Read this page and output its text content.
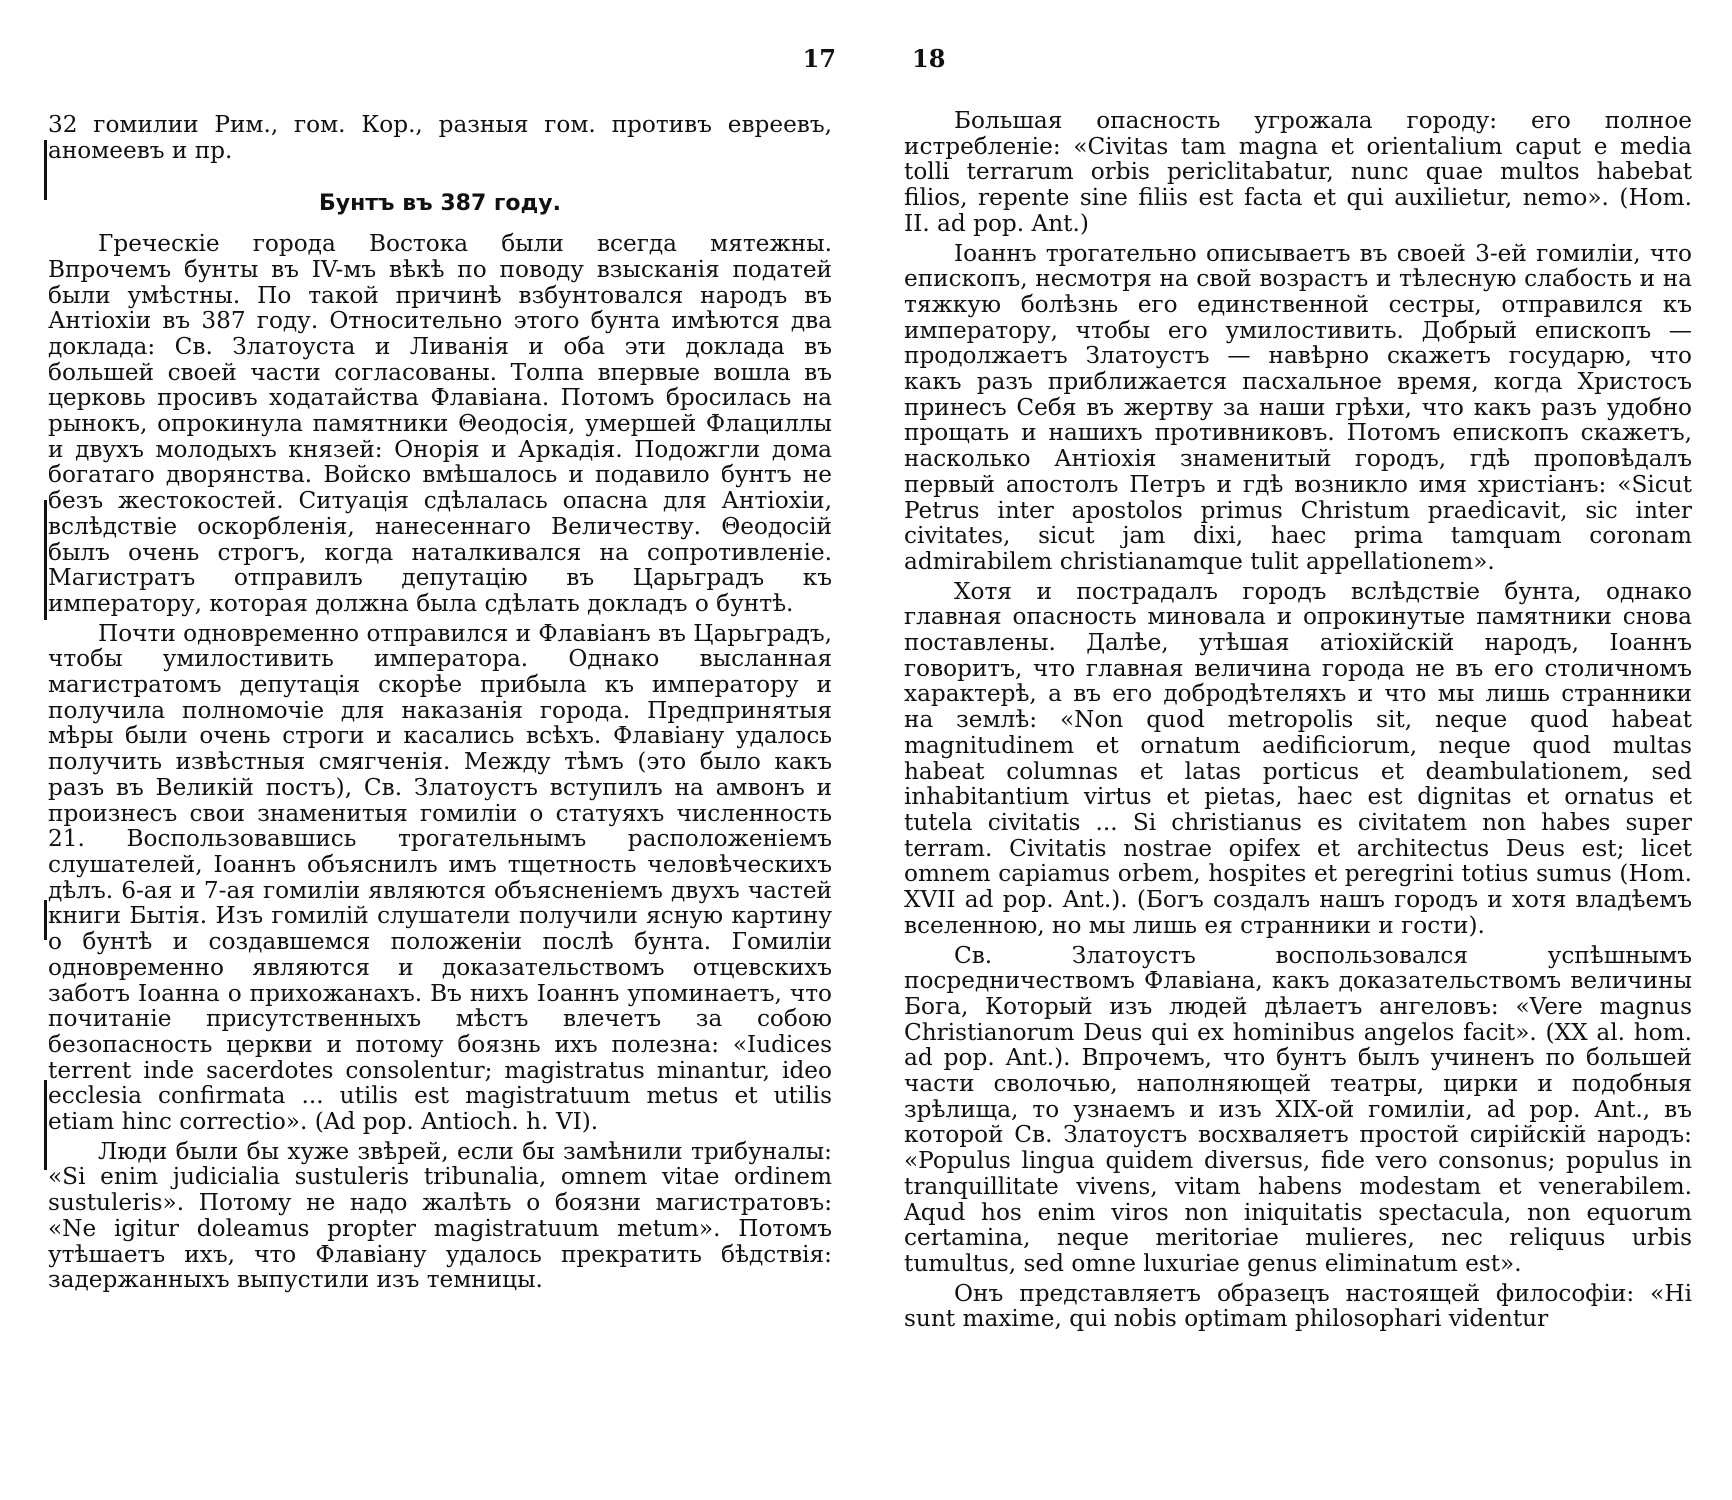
17

32 гомилии Рим., гом. Кор., разныя гом. противъ евреевъ, аномеевъ и пр.

Бунтъ въ 387 году.

Греческіе города Востока были всегда мятежны. Впрочемъ бунты въ IV-мъ вѣкѣ по поводу взысканія податей были умѣстны. По такой причинѣ взбунтовался народъ въ Антіохіи въ 387 году. Относительно этого бунта имѣются два доклада: Св. Златоуста и Ливанія и оба эти доклада въ большей своей части согласованы. Толпа впервые вошла въ церковь просивъ ходатайства Флавіана. Потомъ бросилась на рынокъ, опрокинула памятники Θеодосія, умершей Флациллы и двухъ молодыхъ князей: Онорія и Аркадія. Подожгли дома богатаго дворянства. Войско вмѣшалось и подавило бунтъ не безъ жестокостей. Ситуація сдѣлалась опасна для Антіохіи, вслѣдствіе оскорбленія, нанесеннаго Величеству. Θеодосій былъ очень строгъ, когда наталкивался на сопротивленіе. Магистратъ отправилъ депутацію въ Царьградъ къ императору, которая должна была сдѣлать докладъ о бунтѣ.

Почти одновременно отправился и Флавіанъ въ Царьградъ, чтобы умилостивить императора. Однако высланная магистратомъ депутація скорѣе прибыла къ императору и получила полномочіе для наказанія города. Предпринятыя мѣры были очень строги и касались всѣхъ. Флавіану удалось получить извѣстныя смягченія. Между тѣмъ (это было какъ разъ въ Великій постъ), Св. Златоустъ вступилъ на амвонъ и произнесъ свои знаменитыя гомиліи о статуяхъ численность 21. Воспользовавшись трогательнымъ расположеніемъ слушателей, Іоаннъ объяснилъ имъ тщетность человѣческихъ дѣлъ. 6-ая и 7-ая гомиліи являются объясненіемъ двухъ частей книги Бытія. Изъ гомилій слушатели получили ясную картину о бунтѣ и создавшемся положеніи послѣ бунта. Гомиліи одновременно являются и доказательствомъ отцевскихъ заботъ Іоанна о прихожанахъ. Въ нихъ Іоаннъ упоминаетъ, что почитаніе присутственныхъ мѣстъ влечетъ за собою безопасность церкви и потому боязнь ихъ полезна: «Iudices terrent inde sacerdotes consolentur; magistratus minantur, ideo ecclesia confirmata ... utilis est magistratuum metus et utilis etiam hinc correctio». (Ad pop. Antioch. h. VI).

Люди были бы хуже звѣрей, если бы замѣнили трибуналы: «Si enim judicialia sustuleris tribunalia, omnem vitae ordinem sustuleris». Потому не надо жалѣть о боязни магистратовъ: «Ne igitur doleamus propter magistratuum metum». Потомъ утѣшаетъ ихъ, что Флавіану удалось прекратить бѣдствія: задержанныхъ выпустили изъ темницы.

18

Большая опасность угрожала городу: его полное истребленіе: «Civitas tam magna et orientalium caput e media tolli terrarum orbis periclitabatur, nunc quae multos habebat filios, repente sine filiis est facta et qui auxilietur, nemo». (Hom. II. ad pop. Ant.)

Іоаннъ трогательно описываетъ въ своей 3-ей гомиліи, что епископъ, несмотря на свой возрастъ и тѣлесную слабость и на тяжкую болѣзнь его единственной сестры, отправился къ императору, чтобы его умилостивить. Добрый епископъ — продолжаетъ Златоустъ — навѣрно скажетъ государю, что какъ разъ приближается пасхальное время, когда Христосъ принесъ Себя въ жертву за наши грѣхи, что какъ разъ удобно прощать и нашихъ противниковъ. Потомъ епископъ скажетъ, насколько Антіохія знаменитый городъ, гдѣ проповѣдалъ первый апостолъ Петръ и гдѣ возникло имя христіанъ: «Sicut Petrus inter apostolos primus Christum praedicavit, sic inter civitates, sicut jam dixi, haec prima tamquam coronam admirabilem christianamque tulit appellationem».

Хотя и пострадалъ городъ вслѣдствіе бунта, однако главная опасность миновала и опрокинутые памятники снова поставлены. Далѣе, утѣшая атіохійскій народъ, Іоаннъ говоритъ, что главная величина города не въ его столичномъ характерѣ, а въ его добродѣтеляхъ и что мы лишь странники на землѣ: «Non quod metropolis sit, neque quod habeat magnitudinem et ornatum aedificiorum, neque quod multas habeat columnas et latas porticus et deambulationem, sed inhabitantium virtus et pietas, haec est dignitas et ornatus et tutela civitatis ... Si christianus es civitatem non habes super terram. Civitatis nostrae opifex et architectus Deus est; licet omnem capiamus orbem, hospites et peregrini totius sumus (Hom. XVII ad pop. Ant.). (Богъ создалъ нашъ городъ и хотя владѣемъ вселенною, но мы лишь ея странники и гости).

Св. Златоустъ воспользовался успѣшнымъ посредничествомъ Флавіана, какъ доказательствомъ величины Бога, Который изъ людей дѣлаетъ ангеловъ: «Vere magnus Christianorum Deus qui ex hominibus angelos facit». (XX al. hom. ad pop. Ant.). Впрочемъ, что бунтъ былъ учиненъ по большей части сволочью, наполняющей театры, цирки и подобныя зрѣлища, то узнаемъ и изъ XIX-ой гомиліи, ad pop. Ant., въ которой Св. Златоустъ восхваляетъ простой сирійскій народъ: «Populus lingua quidem diversus, fide vero consonus; populus in tranquillitate vivens, vitam habens modestam et venerabilem. Aqud hos enim viros non iniquitatis spectacula, non equorum certamina, neque meritoriae mulieres, nec reliquus urbis tumultus, sed omne luxuriae genus eliminatum est».

Онъ представляетъ образецъ настоящей философіи: «Hi sunt maxime, qui nobis optimam philosophari videntur
